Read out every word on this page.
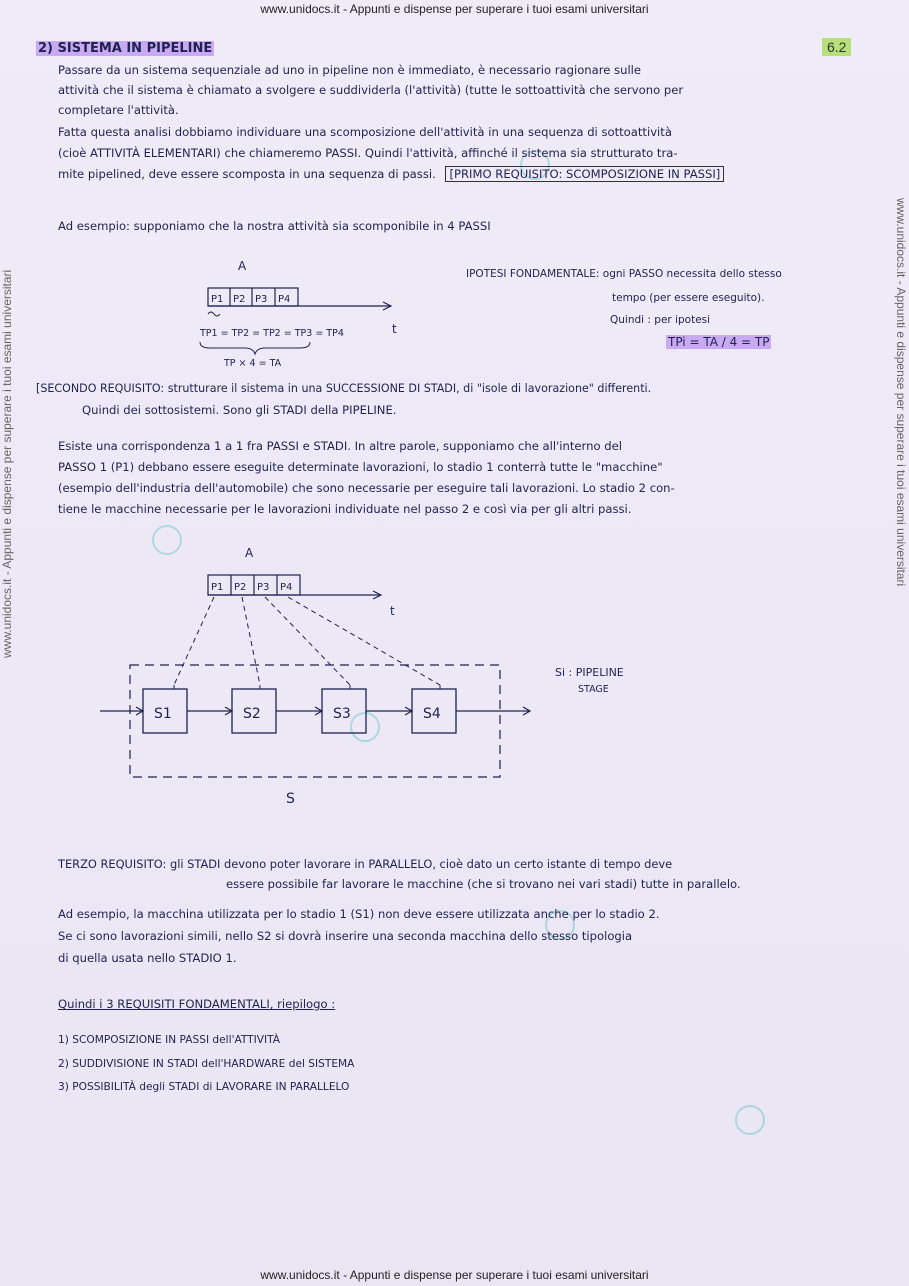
www.unidocs.it - Appunti e dispense per superare i tuoi esami universitari
www.unidocs.it - Appunti e dispense per superare i tuoi esami universitari	www.unidocs.it - Appunti e dispense per superare i tuoi esami universitari
6.2
2) SISTEMA IN PIPELINE
Passare da un sistema sequenziale ad uno in pipeline non è immediato, è necessario ragionare sulle
attività che il sistema è chiamato a svolgere e suddividerla (l'attività) (tutte le sottoattività che servono per
completare l'attività.
Fatta questa analisi dobbiamo individuare una scomposizione dell'attività in una sequenza di sottoattività
(cioè ATTIVITÀ ELEMENTARI) che chiameremo PASSI. Quindi l'attività, affinché il sistema sia strutturato tra-
mite pipelined, deve essere scomposta in una sequenza di passi. [PRIMO REQUISITO: SCOMPOSIZIONE IN PASSI]
Ad esempio: supponiamo che la nostra attività sia scomponibile in 4 PASSI
A
P1 P2 P3 P4
t
TP1 = TP2 = TP2 = TP3 = TP4
TP × 4 = TA
IPOTESI FONDAMENTALE: ogni PASSO necessita dello stesso
tempo (per essere eseguito).
Quindi : per ipotesi
TPi = TA / 4 = TP
[SECONDO REQUISITO: strutturare il sistema in una SUCCESSIONE DI STADI, di "isole di lavorazione" differenti.
Quindi dei sottosistemi. Sono gli STADI della PIPELINE.
Esiste una corrispondenza 1 a 1 fra PASSI e STADI. In altre parole, supponiamo che all'interno del
PASSO 1 (P1) debbano essere eseguite determinate lavorazioni, lo stadio 1 conterrà tutte le "macchine"
(esempio dell'industria dell'automobile) che sono necessarie per eseguire tali lavorazioni. Lo stadio 2 con-
tiene le macchine necessarie per le lavorazioni individuate nel passo 2 e così via per gli altri passi.
A
P1 P2 P3 P4
t
S1	S2	S3	S4
S
Si : PIPELINE
STAGE
TERZO REQUISITO: gli STADI devono poter lavorare in PARALLELO, cioè dato un certo istante di tempo deve
essere possibile far lavorare le macchine (che si trovano nei vari stadi) tutte in parallelo.
Ad esempio, la macchina utilizzata per lo stadio 1 (S1) non deve essere utilizzata anche per lo stadio 2.
Se ci sono lavorazioni simili, nello S2 si dovrà inserire una seconda macchina dello stesso tipologia
di quella usata nello STADIO 1.
Quindi i 3 REQUISITI FONDAMENTALI, riepilogo :
1) SCOMPOSIZIONE IN PASSI dell'ATTIVITÀ
2) SUDDIVISIONE IN STADI dell'HARDWARE del SISTEMA
3) POSSIBILITÀ degli STADI di LAVORARE IN PARALLELO
www.unidocs.it - Appunti e dispense per superare i tuoi esami universitari
